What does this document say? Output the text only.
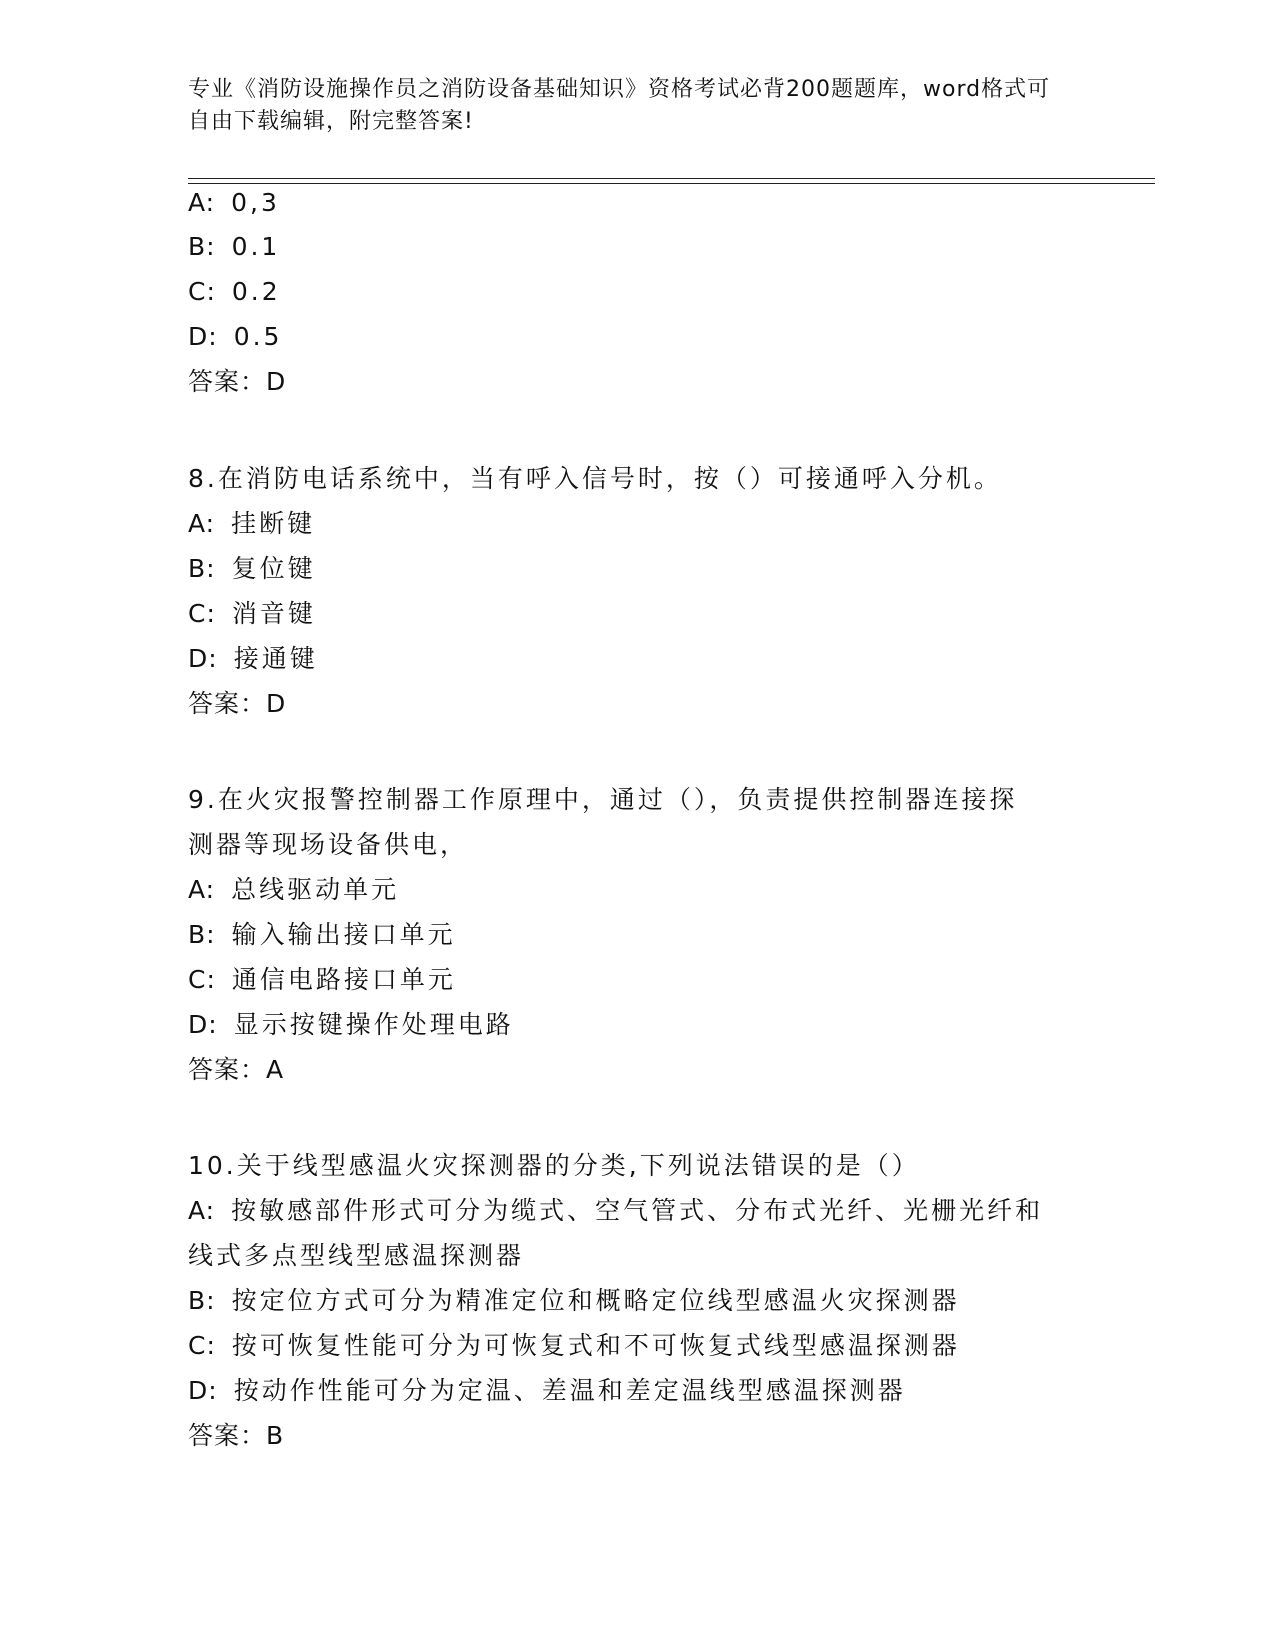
专业《消防设施操作员之消防设备基础知识》资格考试必背200题题库，word格式可自由下载编辑，附完整答案!
A: 0,3
B: 0.1
C: 0.2
D: 0.5
答案：D
8.在消防电话系统中，当有呼入信号时，按（）可接通呼入分机。
A: 挂断键
B: 复位键
C: 消音键
D: 接通键
答案：D
9.在火灾报警控制器工作原理中，通过（），负责提供控制器连接探
测器等现场设备供电，
A: 总线驱动单元
B: 输入输出接口单元
C: 通信电路接口单元
D: 显示按键操作处理电路
答案：A
10.关于线型感温火灾探测器的分类,下列说法错误的是（）
A: 按敏感部件形式可分为缆式、空气管式、分布式光纤、光栅光纤和
线式多点型线型感温探测器
B: 按定位方式可分为精准定位和概略定位线型感温火灾探测器
C: 按可恢复性能可分为可恢复式和不可恢复式线型感温探测器
D: 按动作性能可分为定温、差温和差定温线型感温探测器
答案：B
